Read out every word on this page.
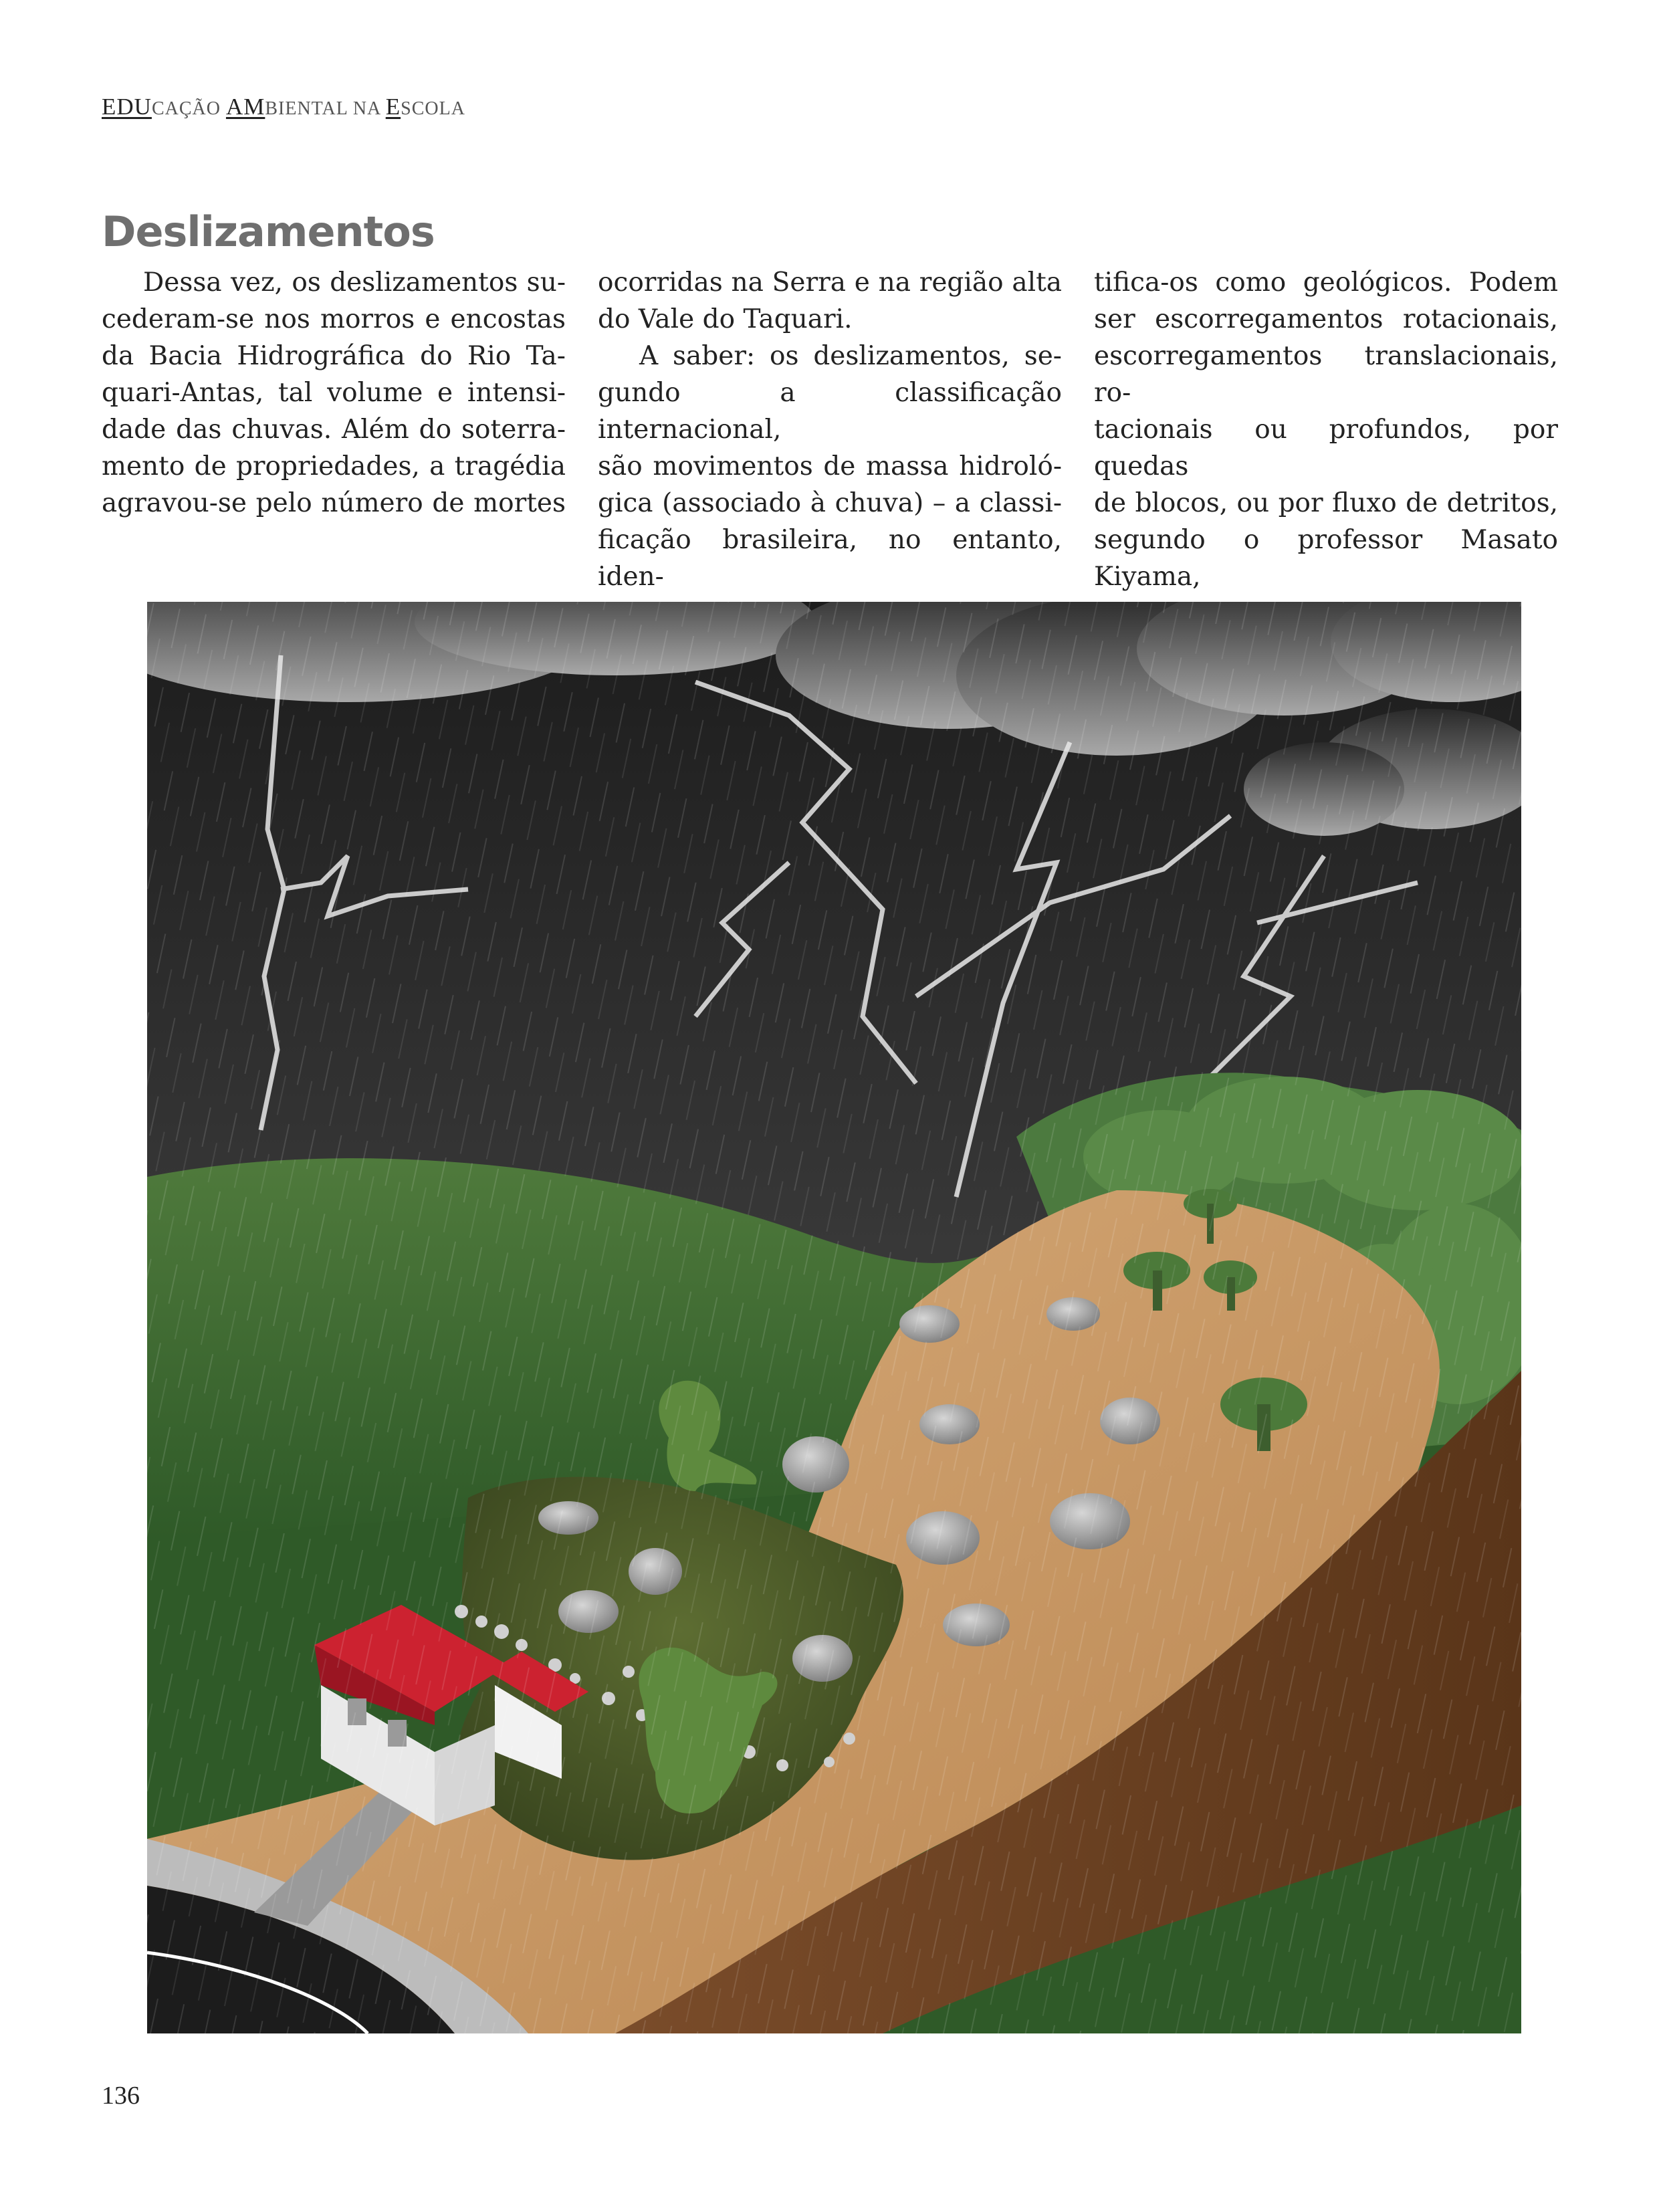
EDUCAÇÃO AMBIENTAL NA ESCOLA
Deslizamentos

Dessa vez, os deslizamentos su-

cederam-se nos morros e encostas

da Bacia Hidrográfica do Rio Ta-

quari-Antas, tal volume e intensi-

dade das chuvas. Além do soterra-

mento de propriedades, a tragédia

agravou-se pelo número de mortes

ocorridas na Serra e na região alta

do Vale do Taquari.

A saber: os deslizamentos, se-

gundo a classificação internacional,

são movimentos de massa hidroló-

gica (associado à chuva) – a classi-

ficação brasileira, no entanto, iden-

tifica-os como geológicos. Podem

ser escorregamentos rotacionais,

escorregamentos translacionais, ro-

tacionais ou profundos, por quedas

de blocos, ou por fluxo de detritos,

segundo o professor Masato Kiyama,

136
